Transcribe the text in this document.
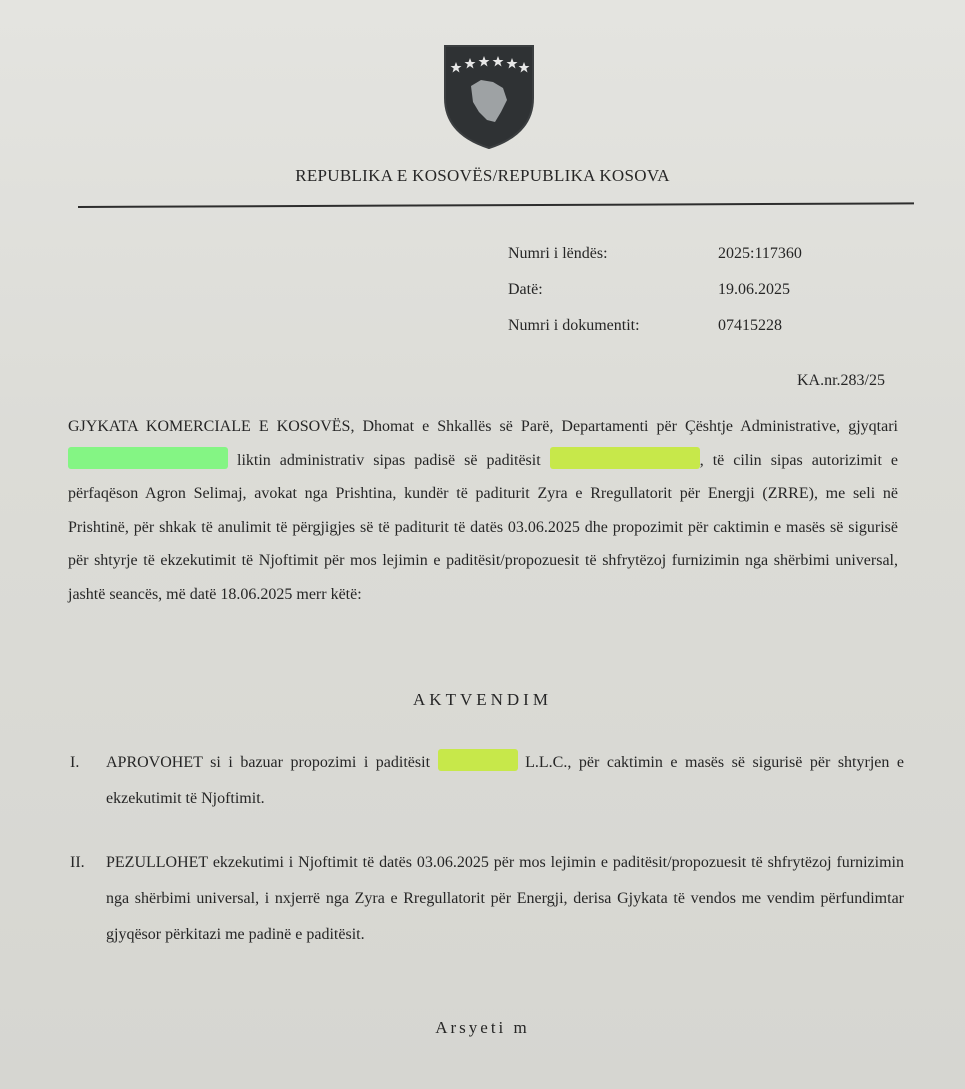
REPUBLIKA E KOSOVËS/REPUBLIKA KOSOVA
Numri i lëndës:	2025:117360
Datë:	19.06.2025
Numri i dokumentit:	07415228
KA.nr.283/25
GJYKATA KOMERCIALE E KOSOVËS, Dhomat e Shkallës së Parë, Departamenti për Çështje Administrative, gjyqtari  liktin administrativ sipas padisë së paditësit	, të cilin sipas autorizimit e përfaqëson Agron Selimaj, avokat nga Prishtina, kundër të paditurit Zyra e Rregullatorit për Energji (ZRRE), me seli në Prishtinë, për shkak të anulimit të përgjigjes së të paditurit të datës 03.06.2025 dhe propozimit për caktimin e masës së sigurisë për shtyrje të ekzekutimit të Njoftimit për mos lejimin e paditësit/propozuesit të shfrytëzoj furnizimin nga shërbimi universal, jashtë seancës, më datë 18.06.2025 merr këtë:
AKTVENDIM
I. APROVOHET si i bazuar propozimi i paditësit	L.L.C., për caktimin e masës së sigurisë për shtyrjen e ekzekutimit të Njoftimit.
II. PEZULLOHET ekzekutimi i Njoftimit të datës 03.06.2025 për mos lejimin e paditësit/propozuesit të shfrytëzoj furnizimin nga shërbimi universal, i nxjerrë nga Zyra e Rregullatorit për Energji, derisa Gjykata të vendos me vendim përfundimtar gjyqësor përkitazi me padinë e paditësit.
Arsyeti m
